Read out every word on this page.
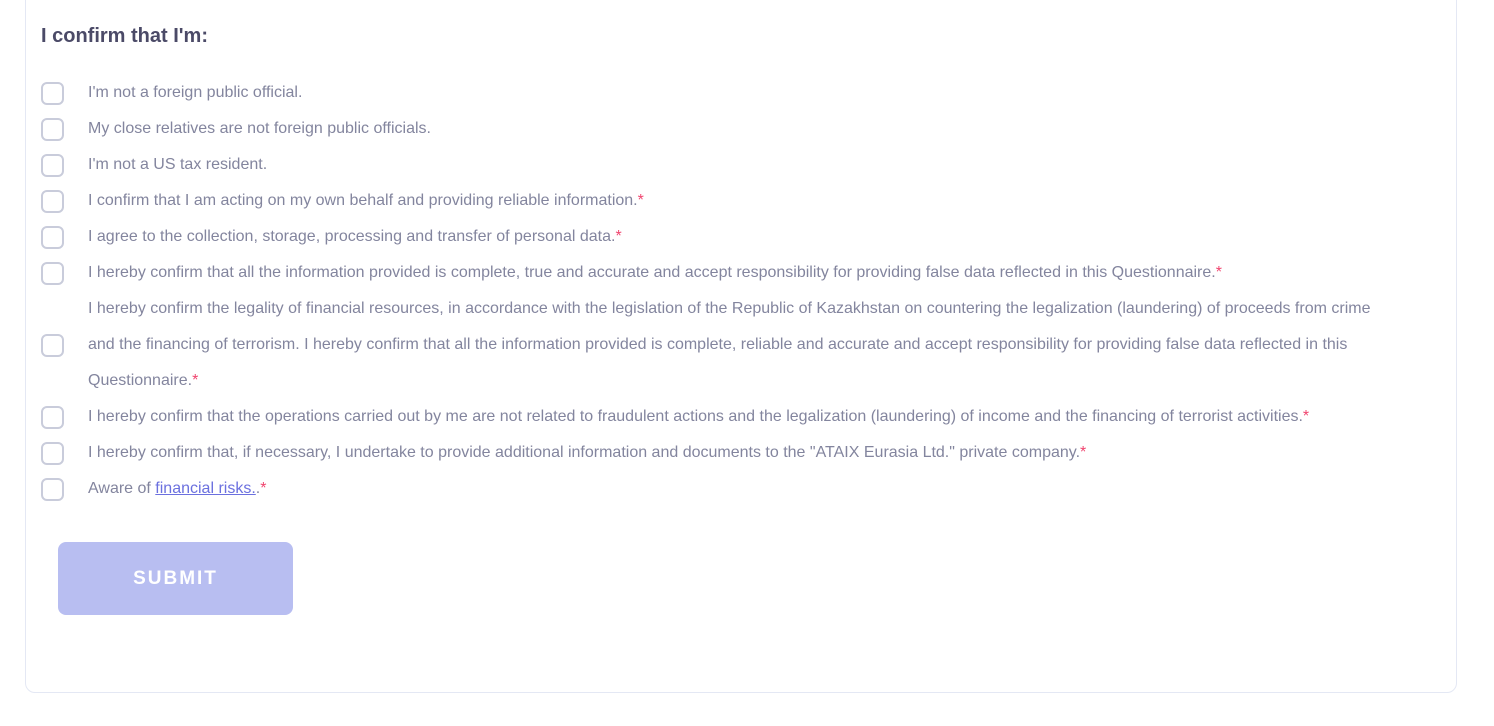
I confirm that I'm:
I'm not a foreign public official.
My close relatives are not foreign public officials.
I'm not a US tax resident.
I confirm that I am acting on my own behalf and providing reliable information.*
I agree to the collection, storage, processing and transfer of personal data.*
I hereby confirm that all the information provided is complete, true and accurate and accept responsibility for providing false data reflected in this Questionnaire.*
I hereby confirm the legality of financial resources, in accordance with the legislation of the Republic of Kazakhstan on countering the legalization (laundering) of proceeds from crime and the financing of terrorism. I hereby confirm that all the information provided is complete, reliable and accurate and accept responsibility for providing false data reflected in this Questionnaire.*
I hereby confirm that the operations carried out by me are not related to fraudulent actions and the legalization (laundering) of income and the financing of terrorist activities.*
I hereby confirm that, if necessary, I undertake to provide additional information and documents to the "ATAIX Eurasia Ltd." private company.*
Aware of financial risks..*
SUBMIT
